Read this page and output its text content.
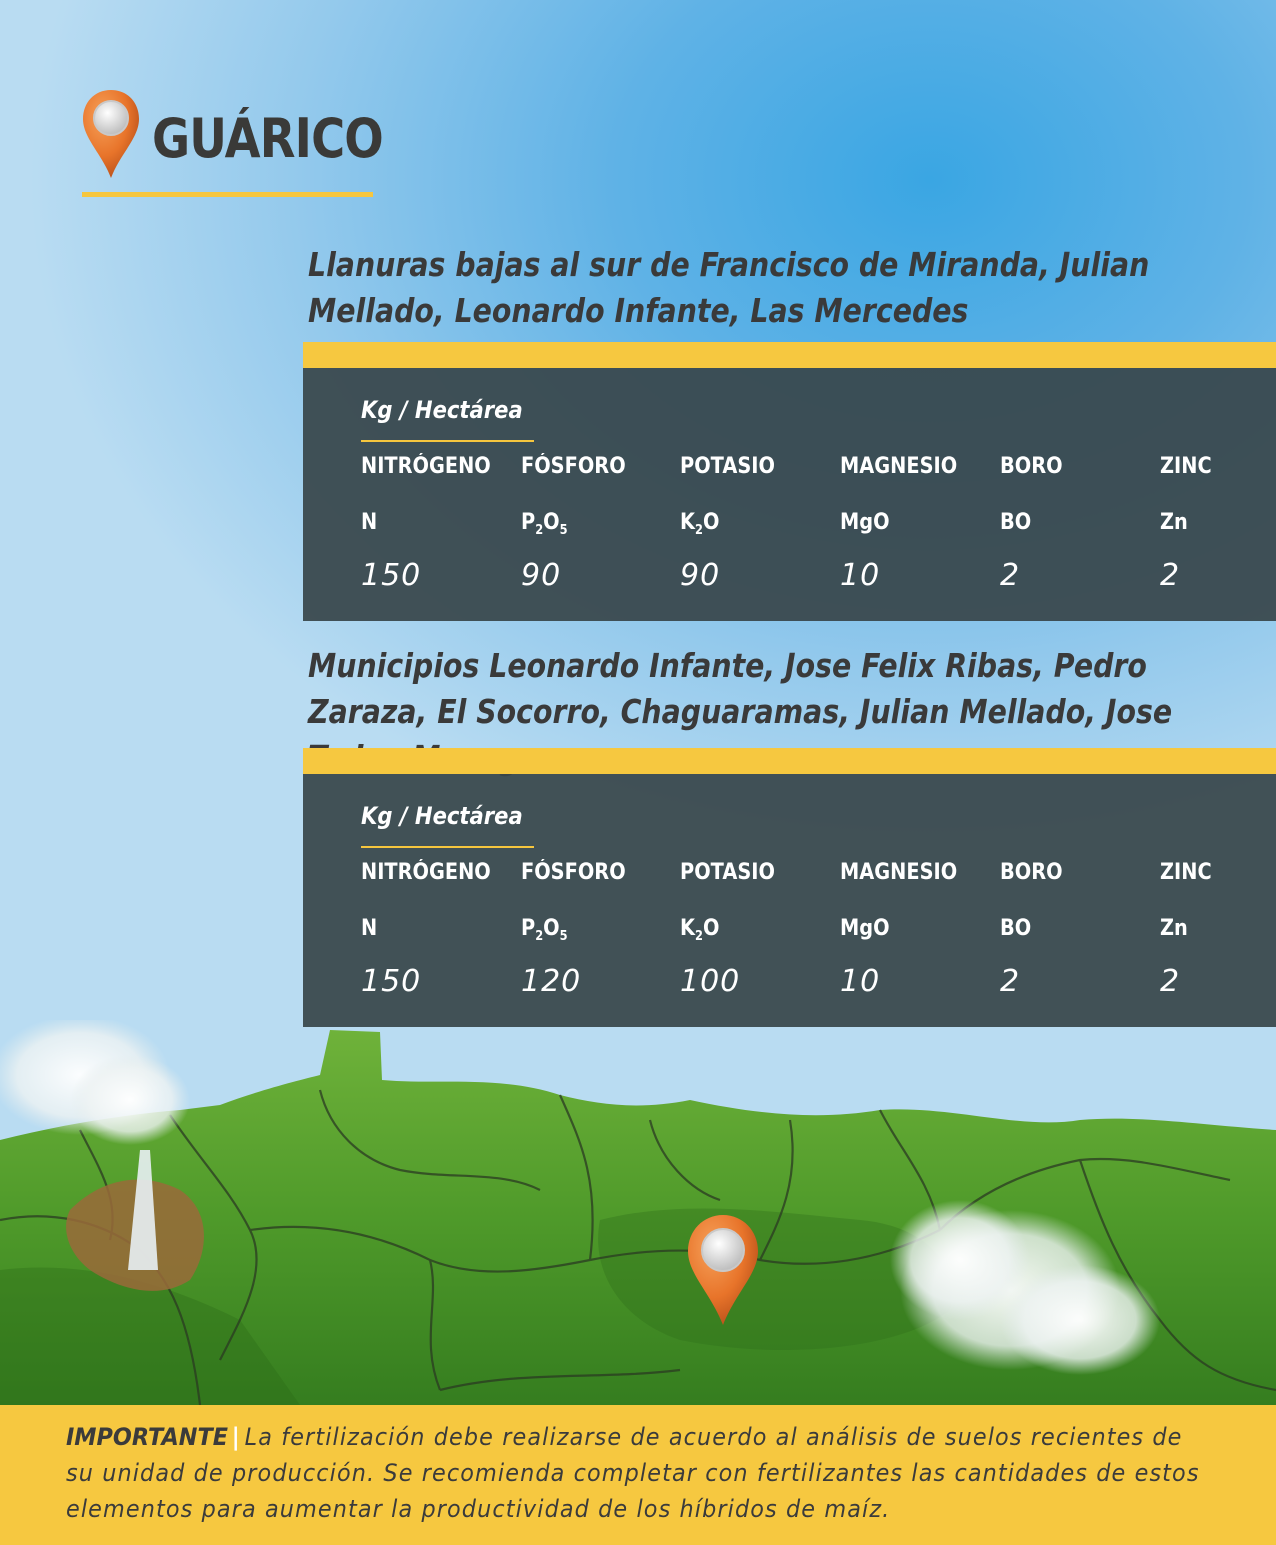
GUÁRICO
Llanuras bajas al sur de Francisco de Miranda, Julian Mellado, Leonardo Infante, Las Mercedes
Kg / Hectárea
NITRÓGENO FÓSFORO POTASIO	MAGNESIO BORO	ZINC
N	$P_2O_5$	$K_2O$	MgO	BO	Zn
150	90	90	10	2	2
Municipios Leonardo Infante, Jose Felix Ribas, Pedro Zaraza, El Socorro, Chaguaramas, Julian Mellado, Jose
Kg / Hectárea
NITRÓGENO FÓSFORO POTASIO	MAGNESIO BORO	ZINC
N	$P_2O_5$	$K_2O$	MgO	BO	Zn
150	120	100	10	2	2
IMPORTANTE | La fertilización debe realizarse de acuerdo al análisis de suelos recientes de su unidad de producción. Se recomienda completar con fertilizantes las cantidades de estos elementos para aumentar la productividad de los híbridos de maíz.
